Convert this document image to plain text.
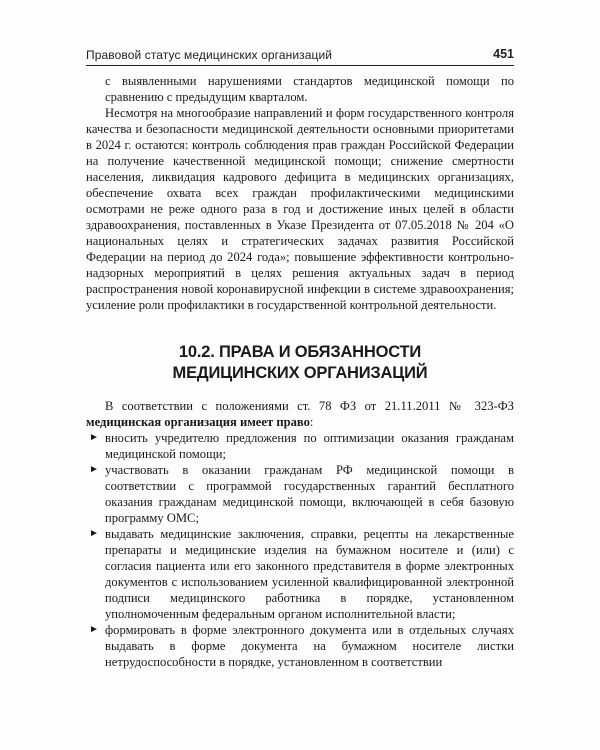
Правовой статус медицинских организаций	451

с выявленными нарушениями стандартов медицинской помощи по сравнению с предыдущим кварталом.

Несмотря на многообразие направлений и форм государственного контроля качества и безопасности медицинской деятельности основными приоритетами в 2024 г. остаются: контроль соблюдения прав граждан Российской Федерации на получение качественной медицинской помощи; снижение смертности населения, ликвидация кадрового дефицита в медицинских организациях, обеспечение охвата всех граждан профилактическими медицинскими осмотрами не реже одного раза в год и достижение иных целей в области здравоохранения, поставленных в Указе Президента от 07.05.2018 № 204 «О национальных целях и стратегических задачах развития Российской Федерации на период до 2024 года»; повышение эффективности контрольно-надзорных мероприятий в целях решения актуальных задач в период распространения новой коронавирусной инфекции в системе здравоохранения; усиление роли профилактики в государственной контрольной деятельности.

10.2. ПРАВА И ОБЯЗАННОСТИ
МЕДИЦИНСКИХ ОРГАНИЗАЦИЙ

В соответствии с положениями ст. 78 ФЗ от 21.11.2011 № 323-ФЗ медицинская организация имеет право:

► вносить учредителю предложения по оптимизации оказания гражданам медицинской помощи;
► участвовать в оказании гражданам РФ медицинской помощи в соответствии с программой государственных гарантий бесплатного оказания гражданам медицинской помощи, включающей в себя базовую программу ОМС;
► выдавать медицинские заключения, справки, рецепты на лекарственные препараты и медицинские изделия на бумажном носителе и (или) с согласия пациента или его законного представителя в форме электронных документов с использованием усиленной квалифицированной электронной подписи медицинского работника в порядке, установленном уполномоченным федеральным органом исполнительной власти;
► формировать в форме электронного документа или в отдельных случаях выдавать в форме документа на бумажном носителе листки нетрудоспособности в порядке, установленном в соответствии
